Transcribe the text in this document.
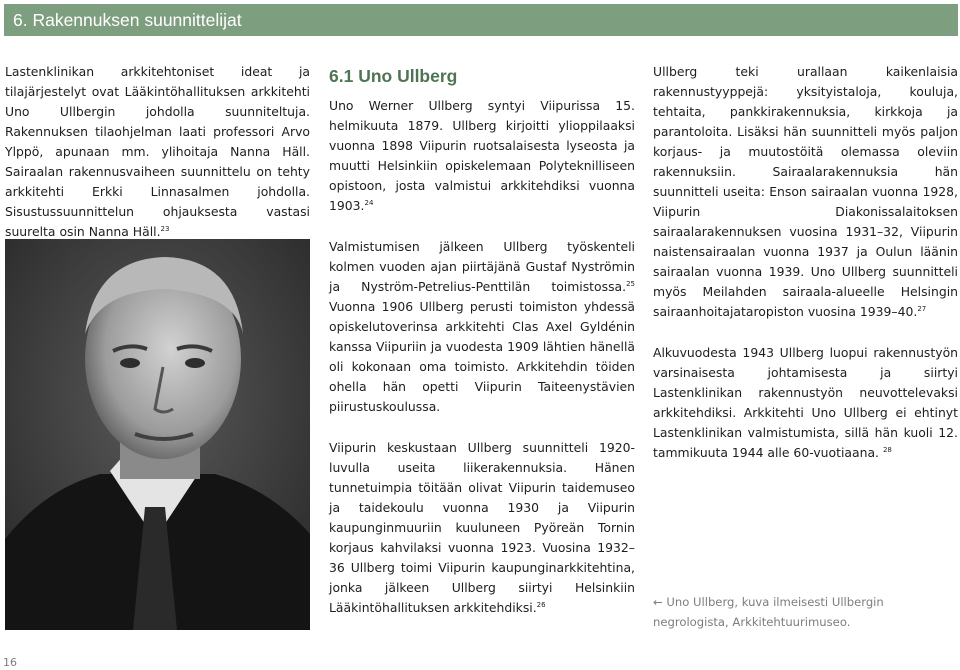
6. Rakennuksen suunnittelijat

Lastenklinikan arkkitehtoniset ideat ja tilajärjestelyt ovat Lääkintöhallituksen arkkitehti Uno Ullbergin johdolla suunniteltuja. Rakennuksen tilaohjelman laati professori Arvo Ylppö, apunaan mm. ylihoitaja Nanna Häll. Sairaalan rakennusvaiheen suunnittelu on tehty arkkitehti Erkki Linnasalmen johdolla. Sisustussuunnittelun ohjauksesta vastasi suurelta osin Nanna Häll.$^{23}$

6.1 Uno Ullberg

Uno Werner Ullberg syntyi Viipurissa 15. helmikuuta 1879. Ullberg kirjoitti ylioppilaaksi vuonna 1898 Viipurin ruotsalaisesta lyseosta ja muutti Helsinkiin opiskelemaan Polyteknilliseen opistoon, josta valmistui arkkitehdiksi vuonna 1903.24

Valmistumisen jälkeen Ullberg työskenteli kolmen vuoden ajan piirtäjänä Gustaf Nyströmin ja Nyström-Petrelius-Penttilän toimistossa.$^{25}$ Vuonna 1906 Ullberg perusti toimiston yhdessä opiskelutoverinsa arkkitehti Clas Axel Gyldénin kanssa Viipuriin ja vuodesta 1909 lähtien hänellä oli kokonaan oma toimisto. Arkkitehdin töiden ohella hän opetti Viipurin Taiteenystävien piirustuskoulussa.

Viipurin keskustaan Ullberg suunnitteli 1920-luvulla useita liikerakennuksia. Hänen tunnetuimpia töitään olivat Viipurin taidemuseo ja taidekoulu vuonna 1930 ja Viipurin kaupunginmuuriin kuuluneen Pyöreän Tornin korjaus kahvilaksi vuonna 1923. Vuosina 1932–36 Ullberg toimi Viipurin kaupunginarkkitehtina, jonka jälkeen Ullberg siirtyi Helsinkiin Lääkintöhallituksen arkkitehdiksi.$^{26}$

Ullberg teki urallaan kaikenlaisia rakennustyyppejä: yksityistaloja, kouluja, tehtaita, pankkirakennuksia, kirkkoja ja parantoloita. Lisäksi hän suunnitteli myös paljon korjaus- ja muutostöitä olemassa oleviin rakennuksiin. Sairaalarakennuksia hän suunnitteli useita: Enson sairaalan vuonna 1928, Viipurin Diakonissalaitoksen sairaalarakennuksen vuosina 1931–32, Viipurin naistensairaalan vuonna 1937 ja Oulun läänin sairaalan vuonna 1939. Uno Ullberg suunnitteli myös Meilahden sairaala-alueelle Helsingin sairaanhoitajataropiston vuosina 1939–40.27

Alkuvuodesta 1943 Ullberg luopui rakennustyön varsinaisesta johtamisesta ja siirtyi Lastenklinikan rakennustyön neuvottelevaksi arkkitehdiksi. Arkkitehti Uno Ullberg ei ehtinyt Lastenklinikan valmistumista, sillä hän kuoli 12. tammikuuta 1944 alle 60-vuotiaana. $^{28}$

← Uno Ullberg, kuva ilmeisesti Ullbergin negrologista, Arkkitehtuurimuseo.
16
